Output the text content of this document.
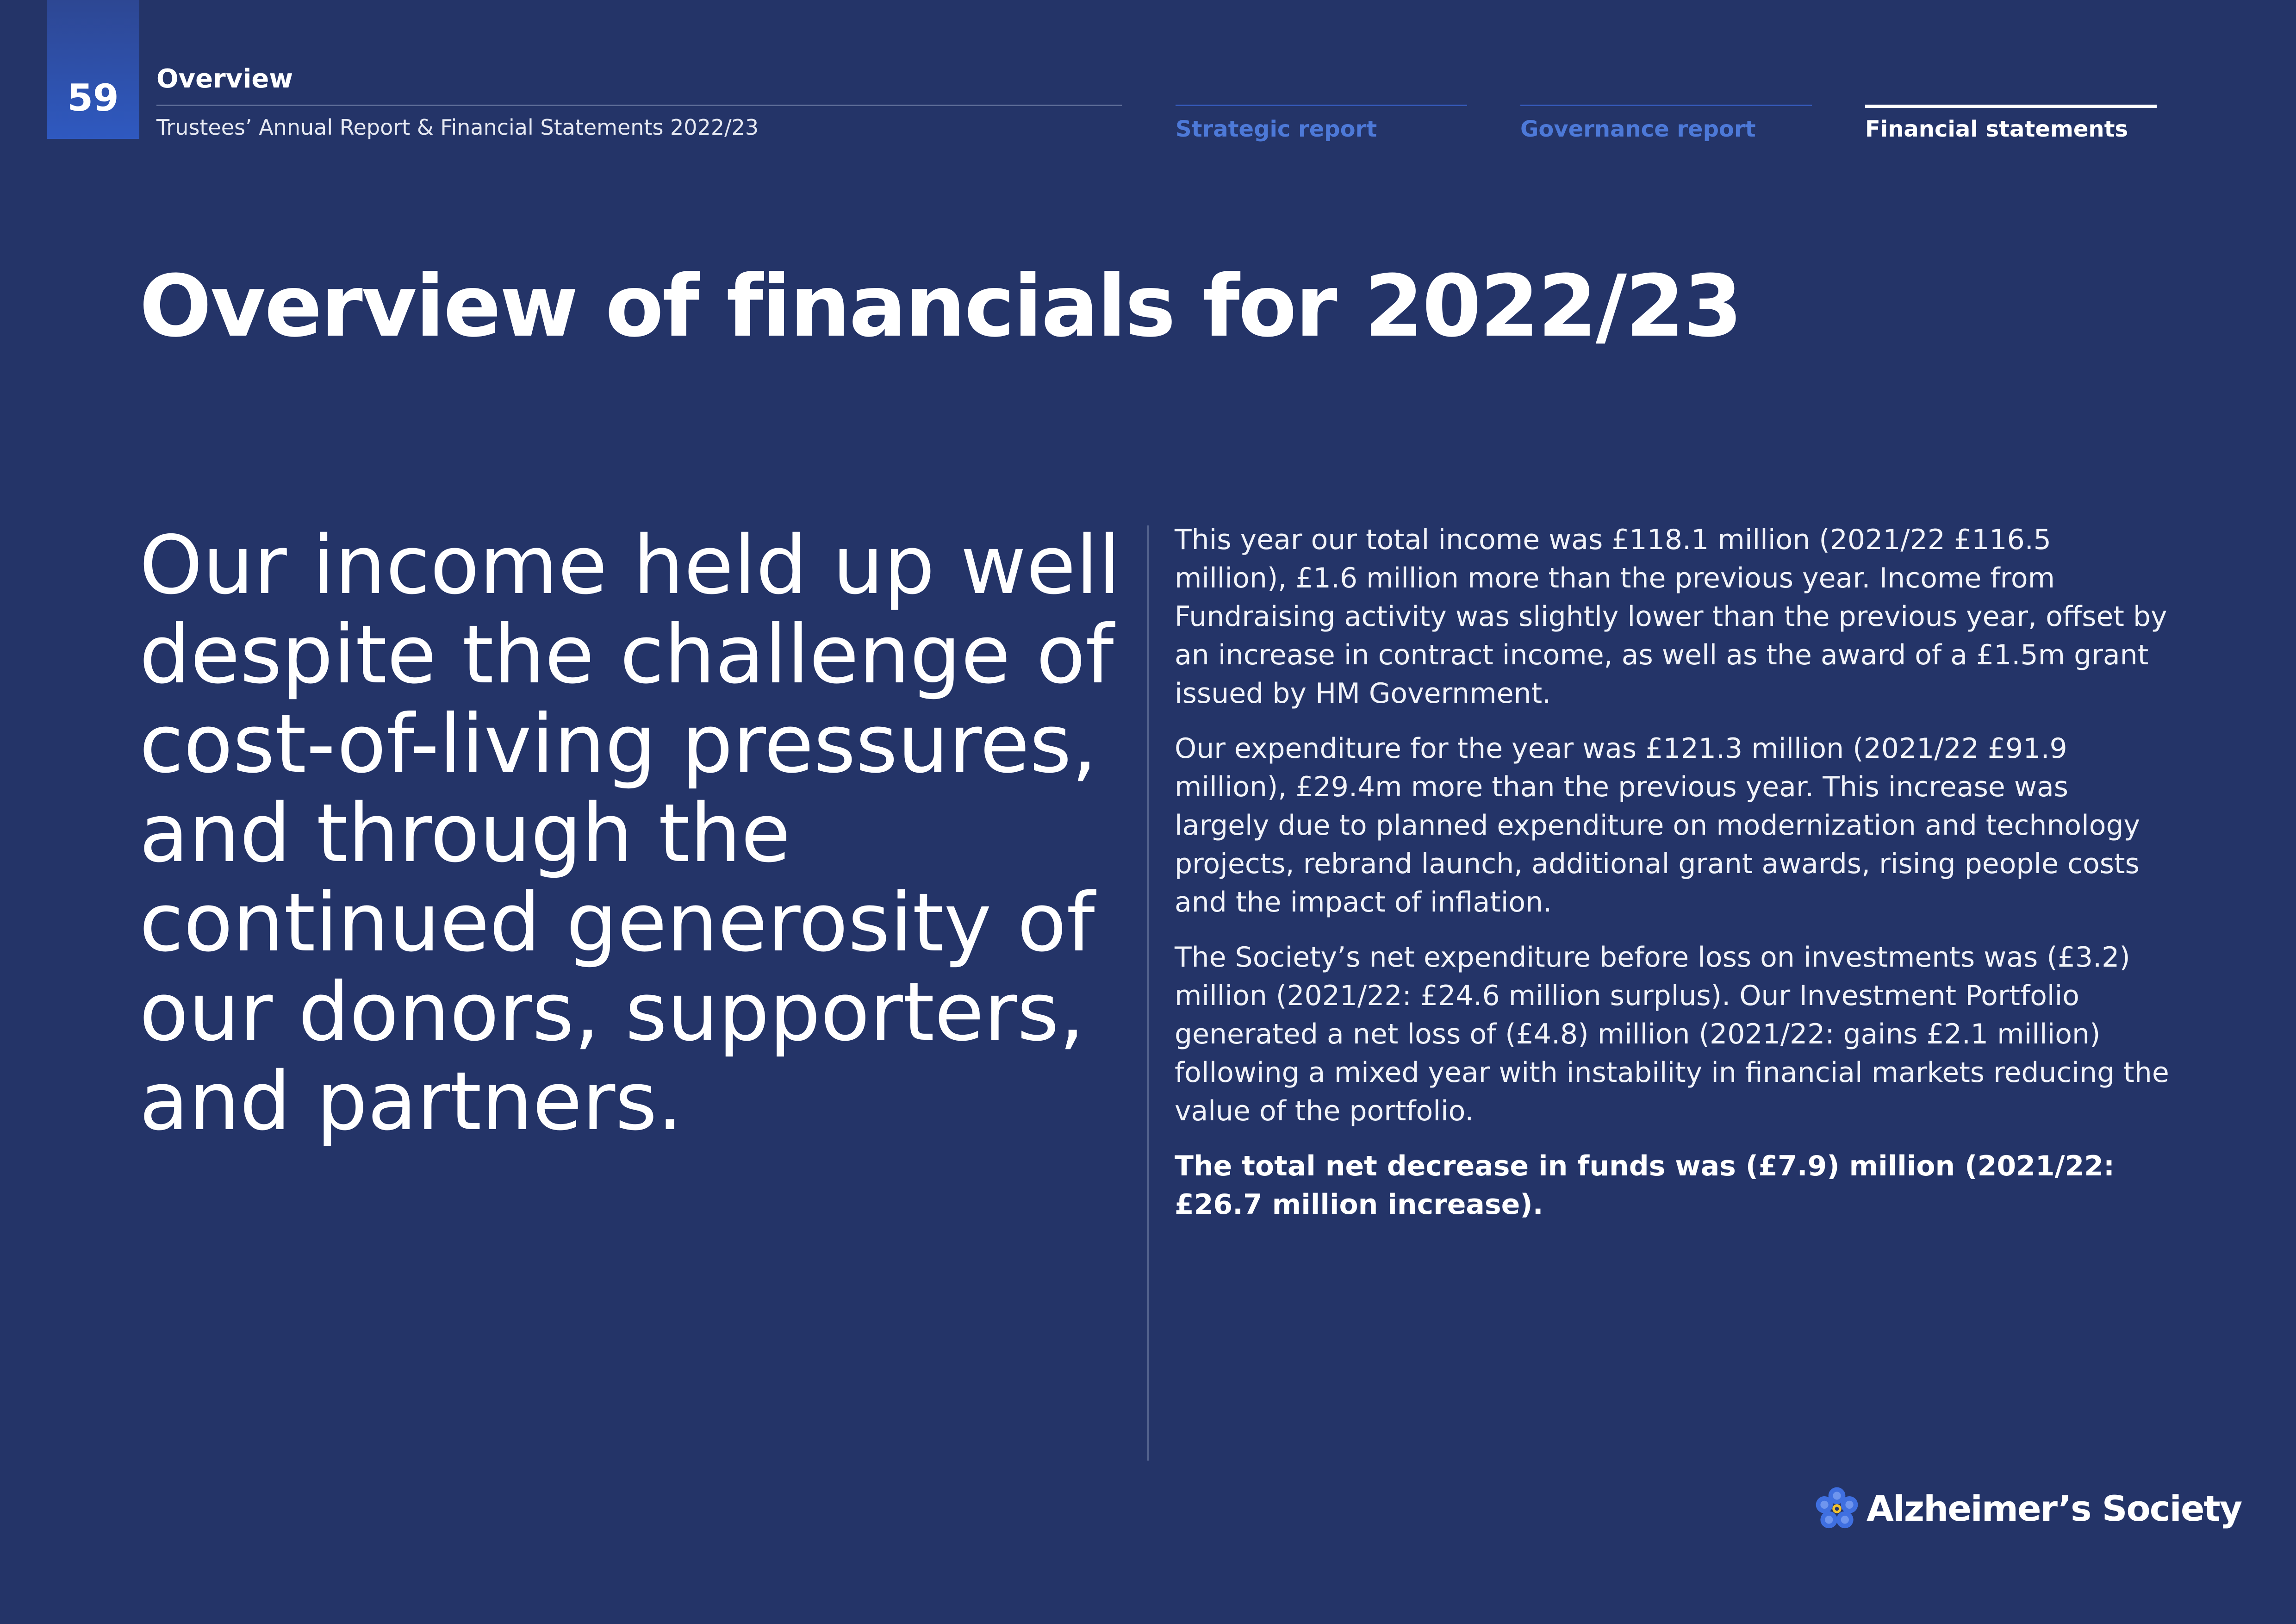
59	Overview
Trustees’ Annual Report & Financial Statements 2022/23	Strategic report	Governance report	Financial statements
Overview of financials for 2022/23

Our income held up well despite the challenge of cost-of-living pressures, and through the continued generosity of our donors, supporters, and partners.

This year our total income was £118.1 million (2021/22 £116.5 million), £1.6 million more than the previous year. Income from Fundraising activity was slightly lower than the previous year, offset by an increase in contract income, as well as the award of a £1.5m grant issued by HM Government.

Our expenditure for the year was £121.3 million (2021/22 £91.9 million), £29.4m more than the previous year. This increase was largely due to planned expenditure on modernization and technology projects, rebrand launch, additional grant awards, rising people costs and the impact of inflation.

The Society’s net expenditure before loss on investments was (£3.2) million (2021/22: £24.6 million surplus). Our Investment Portfolio generated a net loss of (£4.8) million (2021/22: gains £2.1 million) following a mixed year with instability in financial markets reducing the value of the portfolio.

The total net decrease in funds was (£7.9) million (2021/22: £26.7 million increase).

Alzheimer’s Society
